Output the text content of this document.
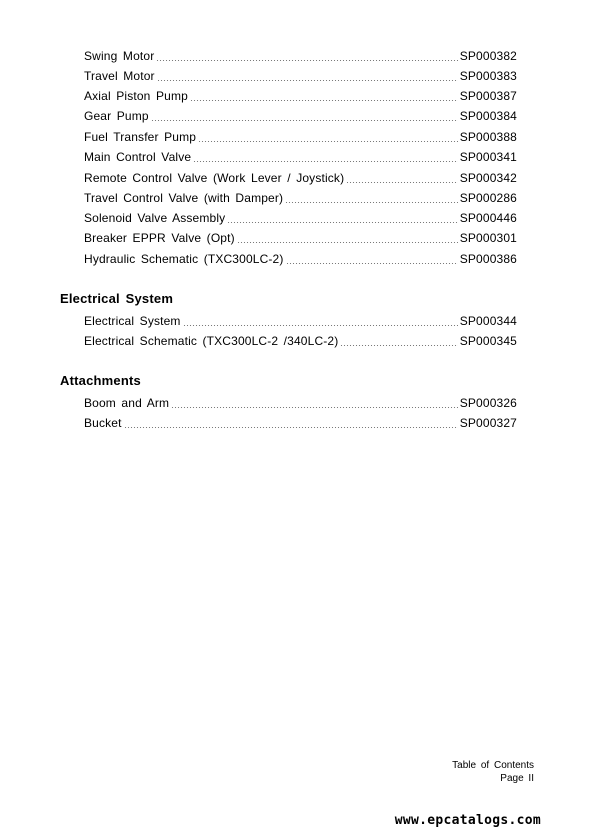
Swing Motor	SP000382
Travel Motor	SP000383
Axial Piston Pump	SP000387
Gear Pump	SP000384
Fuel Transfer Pump	SP000388
Main Control Valve	SP000341
Remote Control Valve (Work Lever / Joystick)	SP000342
Travel Control Valve (with Damper)	SP000286
Solenoid Valve Assembly	SP000446
Breaker EPPR Valve (Opt)	SP000301
Hydraulic Schematic (TXC300LC-2)	SP000386
Electrical System
Electrical System	SP000344
Electrical Schematic (TXC300LC-2 /340LC-2)	SP000345
Attachments
Boom and Arm	SP000326
Bucket	SP000327
Table of Contents
Page II
www.epcatalogs.com
